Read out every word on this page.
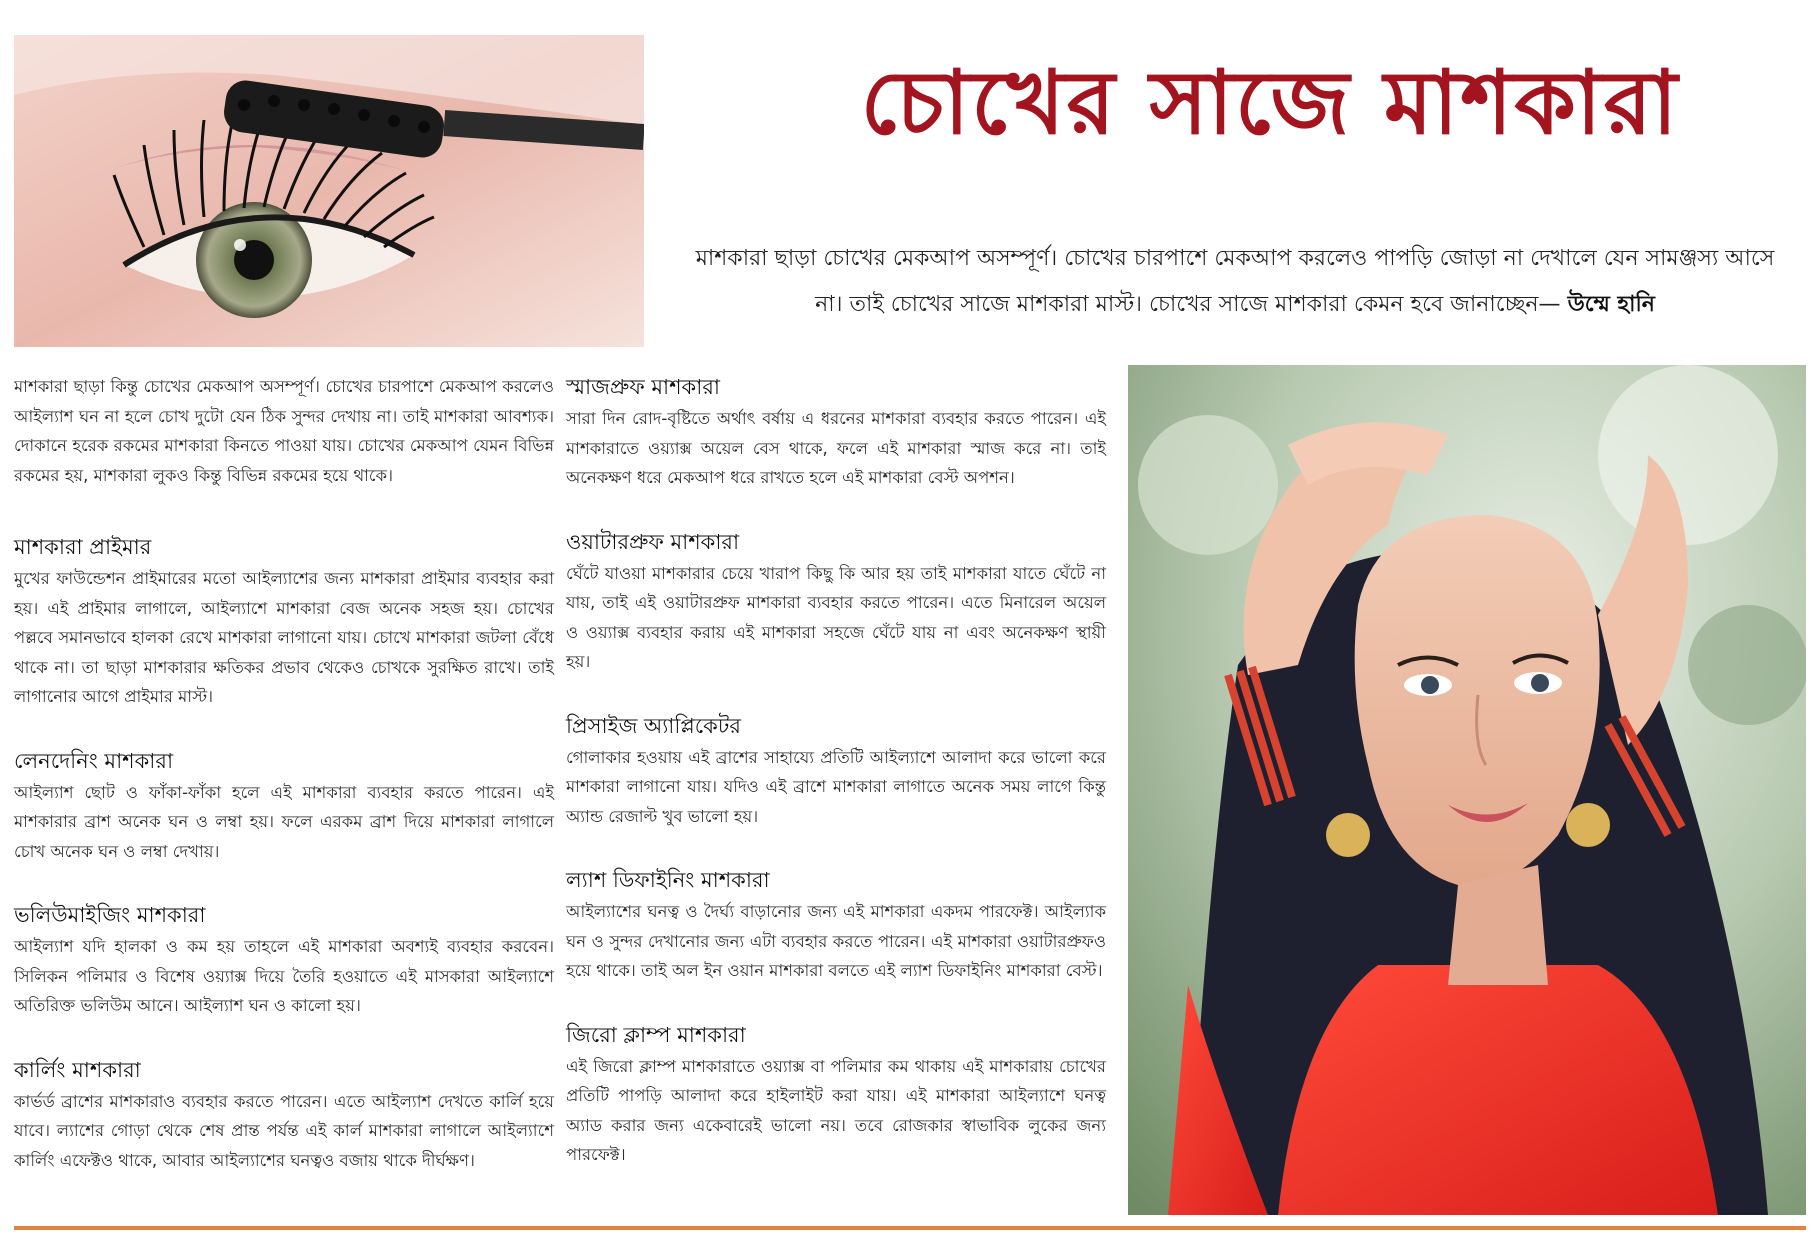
চোখের সাজে মাশকারা

মাশকারা ছাড়া চোখের মেকআপ অসম্পূর্ণ। চোখের চারপাশে মেকআপ করলেও পাপড়ি জোড়া না দেখালে যেন সামঞ্জস্য আসে না। তাই চোখের সাজে মাশকারা মাস্ট। চোখের সাজে মাশকারা কেমন হবে জানাচ্ছেন— উম্মে হানি

মাশকারা ছাড়া কিন্তু চোখের মেকআপ অসম্পূর্ণ। চোখের চারপাশে মেকআপ করলেও আইল্যাশ ঘন না হলে চোখ দুটো যেন ঠিক সুন্দর দেখায় না। তাই মাশকারা আবশ্যক। দোকানে হরেক রকমের মাশকারা কিনতে পাওয়া যায়। চোখের মেকআপ যেমন বিভিন্ন রকমের হয়, মাশকারা লুকও কিন্তু বিভিন্ন রকমের হয়ে থাকে।

মাশকারা প্রাইমার

মুখের ফাউন্ডেশন প্রাইমারের মতো আইল্যাশের জন্য মাশকারা প্রাইমার ব্যবহার করা হয়। এই প্রাইমার লাগালে, আইল্যাশে মাশকারা বেজ অনেক সহজ হয়। চোখের পল্লবে সমানভাবে হালকা রেখে মাশকারা লাগানো যায়। চোখে মাশকারা জটলা বেঁধে থাকে না। তা ছাড়া মাশকারার ক্ষতিকর প্রভাব থেকেও চোখকে সুরক্ষিত রাখে। তাই লাগানোর আগে প্রাইমার মাস্ট।

লেনদেনিং মাশকারা

আইল্যাশ ছোট ও ফাঁকা-ফাঁকা হলে এই মাশকারা ব্যবহার করতে পারেন। এই মাশকারার ব্রাশ অনেক ঘন ও লম্বা হয়। ফলে এরকম ব্রাশ দিয়ে মাশকারা লাগালে চোখ অনেক ঘন ও লম্বা দেখায়।

ভলিউমাইজিং মাশকারা

আইল্যাশ যদি হালকা ও কম হয় তাহলে এই মাশকারা অবশ্যই ব্যবহার করবেন। সিলিকন পলিমার ও বিশেষ ওয়্যাক্স দিয়ে তৈরি হওয়াতে এই মাসকারা আইল্যাশে অতিরিক্ত ভলিউম আনে। আইল্যাশ ঘন ও কালো হয়।

কার্লিং মাশকারা

কার্ভর্ড ব্রাশের মাশকারাও ব্যবহার করতে পারেন। এতে আইল্যাশ দেখতে কার্লি হয়ে যাবে। ল্যাশের গোড়া থেকে শেষ প্রান্ত পর্যন্ত এই কার্ল মাশকারা লাগালে আইল্যাশে কার্লিং এফেক্টও থাকে, আবার আইল্যাশের ঘনত্বও বজায় থাকে দীর্ঘক্ষণ।

স্মাজপ্রুফ মাশকারা

সারা দিন রোদ-বৃষ্টিতে অর্থাৎ বর্ষায় এ ধরনের মাশকারা ব্যবহার করতে পারেন। এই মাশকারাতে ওয়্যাক্স অয়েল বেস থাকে, ফলে এই মাশকারা স্মাজ করে না। তাই অনেকক্ষণ ধরে মেকআপ ধরে রাখতে হলে এই মাশকারা বেস্ট অপশন।

ওয়াটারপ্রুফ মাশকারা

ঘেঁটে যাওয়া মাশকারার চেয়ে খারাপ কিছু কি আর হয় তাই মাশকারা যাতে ঘেঁটে না যায়, তাই এই ওয়াটারপ্রুফ মাশকারা ব্যবহার করতে পারেন। এতে মিনারেল অয়েল ও ওয়্যাক্স ব্যবহার করায় এই মাশকারা সহজে ঘেঁটে যায় না এবং অনেকক্ষণ স্থায়ী হয়।

প্রিসাইজ অ্যাপ্লিকেটর

গোলাকার হওয়ায় এই ব্রাশের সাহায্যে প্রতিটি আইল্যাশে আলাদা করে ভালো করে মাশকারা লাগানো যায়। যদিও এই ব্রাশে মাশকারা লাগাতে অনেক সময় লাগে কিন্তু অ্যান্ড রেজাল্ট খুব ভালো হয়।

ল্যাশ ডিফাইনিং মাশকারা

আইল্যাশের ঘনত্ব ও দৈর্ঘ্য বাড়ানোর জন্য এই মাশকারা একদম পারফেক্ট। আইল্যাক ঘন ও সুন্দর দেখানোর জন্য এটা ব্যবহার করতে পারেন। এই মাশকারা ওয়াটারপ্রুফও হয়ে থাকে। তাই অল ইন ওয়ান মাশকারা বলতে এই ল্যাশ ডিফাইনিং মাশকারা বেস্ট।

জিরো ক্লাম্প মাশকারা

এই জিরো ক্লাম্প মাশকারাতে ওয়্যাক্স বা পলিমার কম থাকায় এই মাশকারায় চোখের প্রতিটি পাপড়ি আলাদা করে হাইলাইট করা যায়। এই মাশকারা আইল্যাশে ঘনত্ব অ্যাড করার জন্য একেবারেই ভালো নয়। তবে রোজকার স্বাভাবিক লুকের জন্য পারফেক্ট।
